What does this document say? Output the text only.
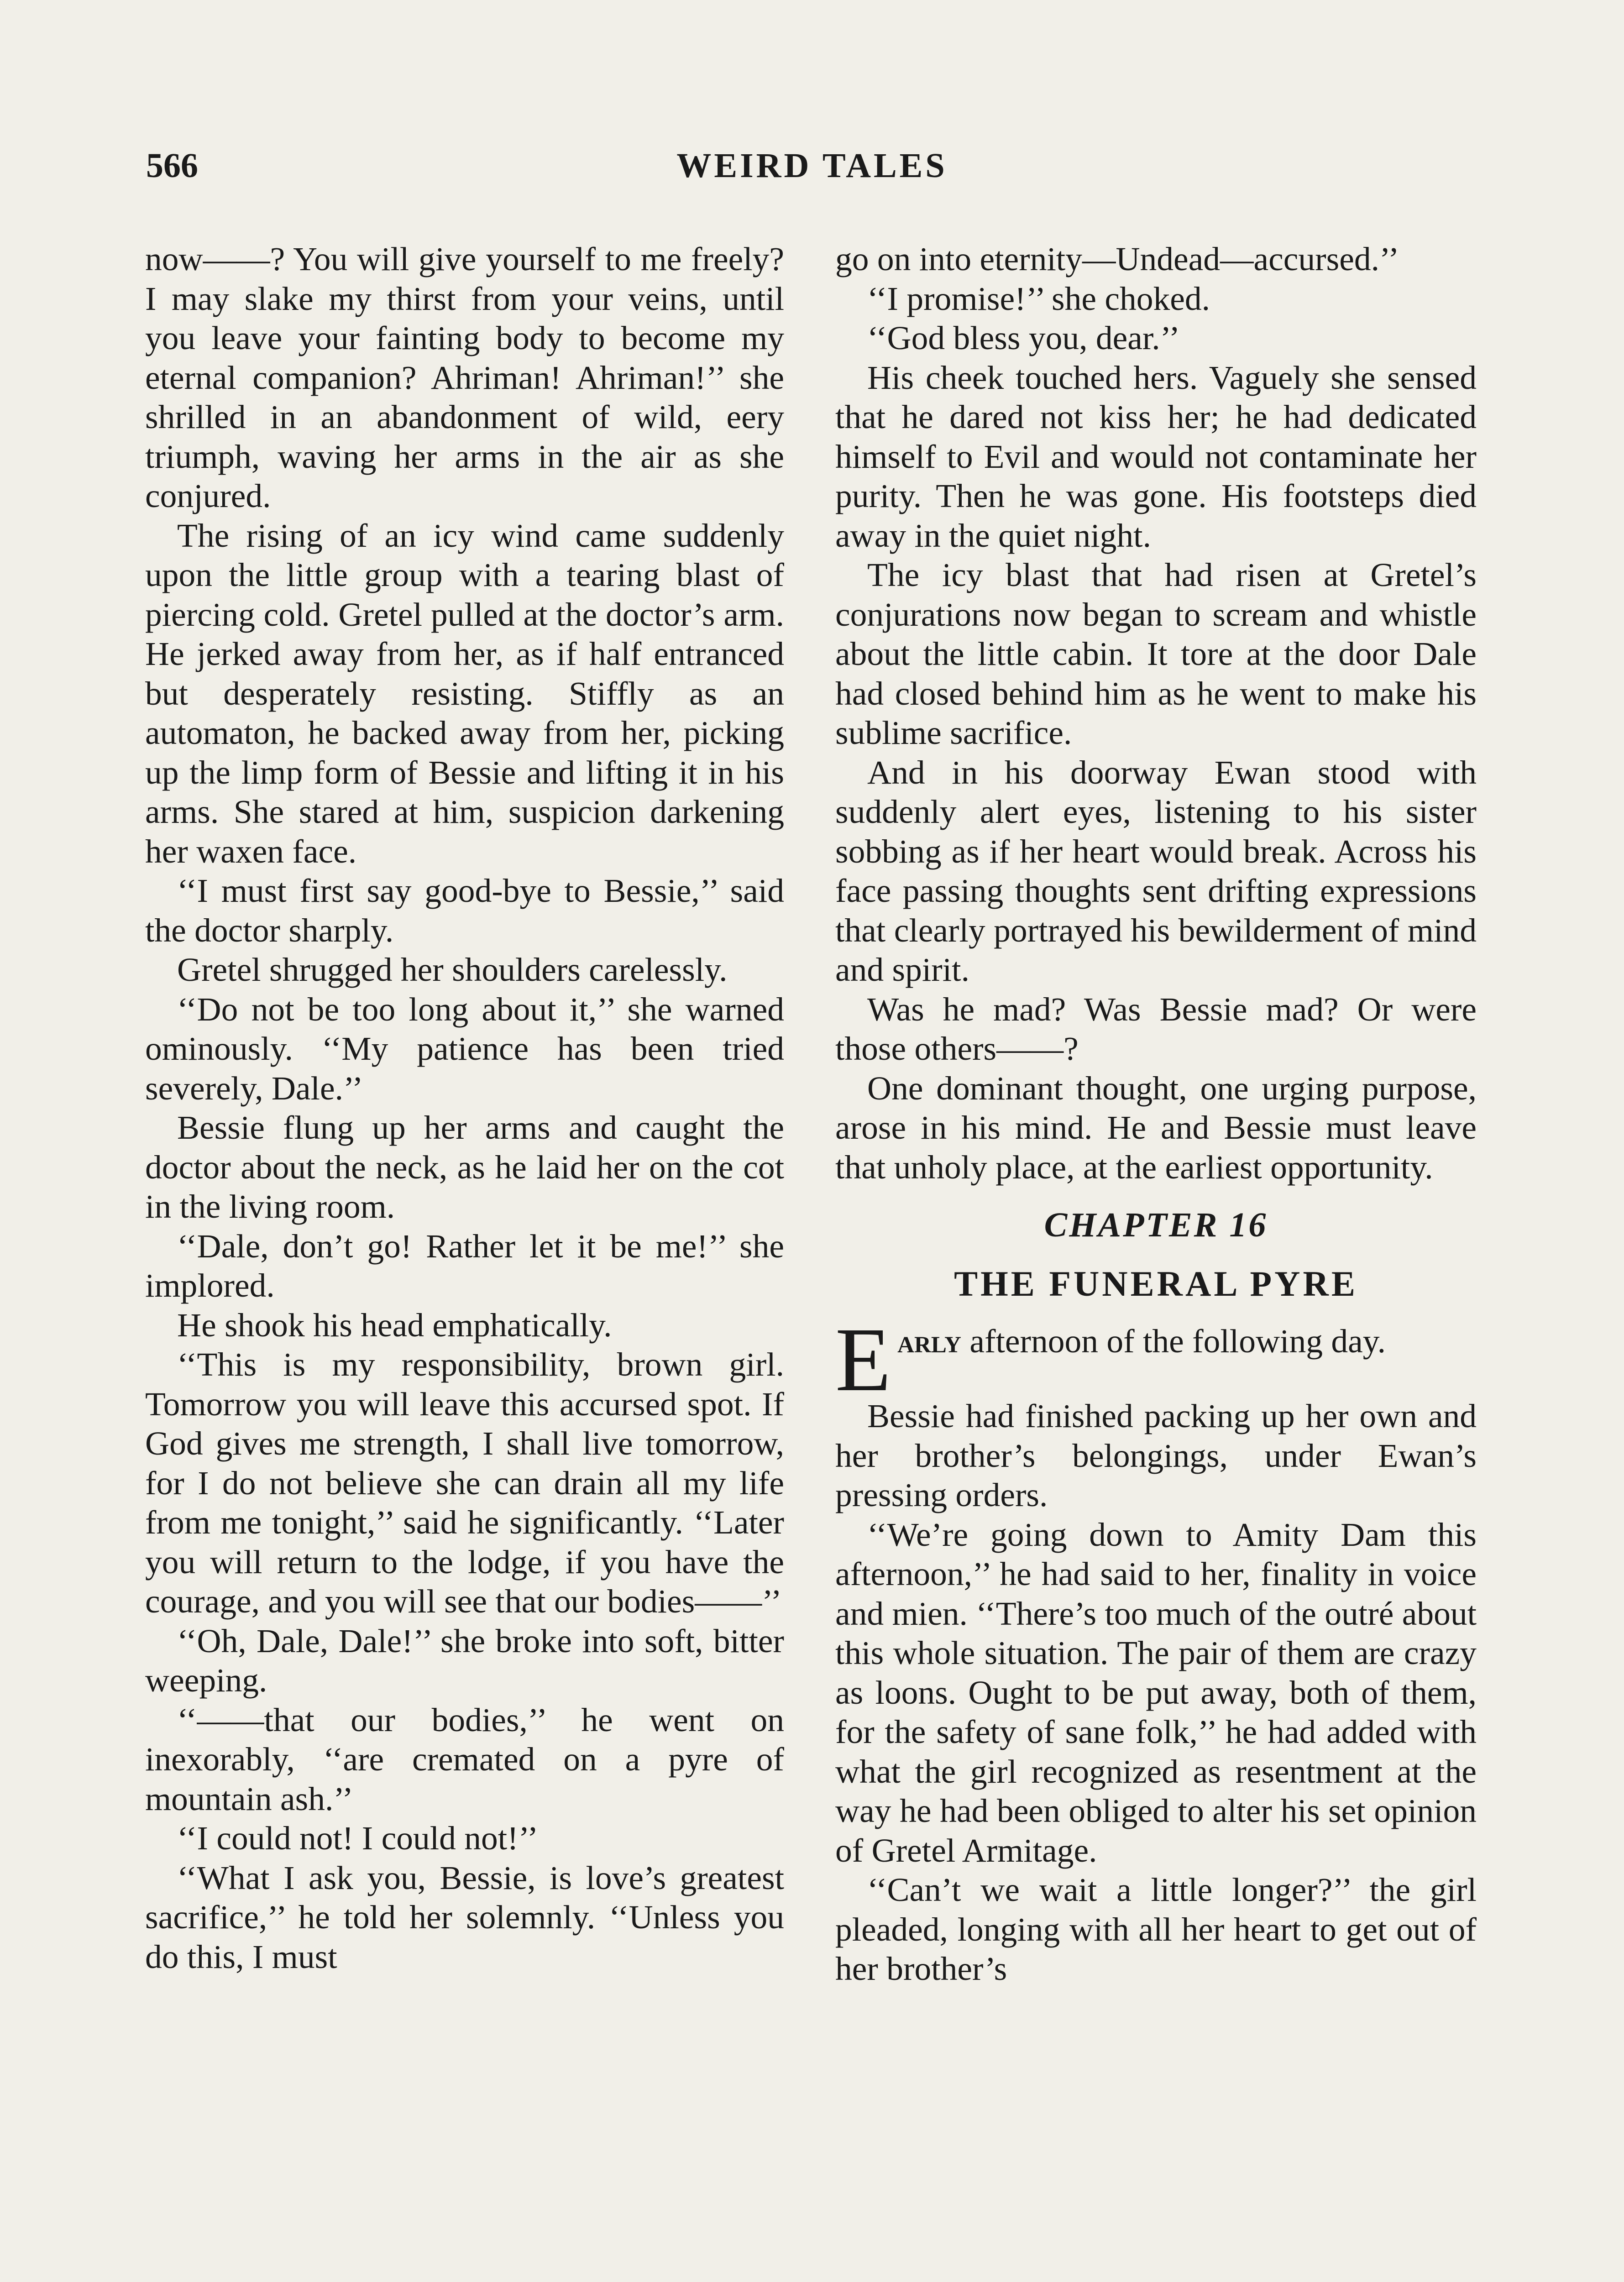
566	WEIRD TALES

now——? You will give yourself to me freely? I may slake my thirst from your veins, until you leave your fainting body to become my eternal companion? Ahriman! Ahriman!’’ she shrilled in an abandonment of wild, eery triumph, waving her arms in the air as she conjured.

The rising of an icy wind came suddenly upon the little group with a tearing blast of piercing cold. Gretel pulled at the doctor’s arm. He jerked away from her, as if half entranced but desperately resisting. Stiffly as an automaton, he backed away from her, picking up the limp form of Bessie and lifting it in his arms. She stared at him, suspicion darkening her waxen face.

‘‘I must first say good-bye to Bessie,’’ said the doctor sharply.

Gretel shrugged her shoulders carelessly.

‘‘Do not be too long about it,’’ she warned ominously. ‘‘My patience has been tried severely, Dale.’’

Bessie flung up her arms and caught the doctor about the neck, as he laid her on the cot in the living room.

‘‘Dale, don’t go! Rather let it be me!’’ she implored.

He shook his head emphatically.

‘‘This is my responsibility, brown girl. Tomorrow you will leave this accursed spot. If God gives me strength, I shall live tomorrow, for I do not believe she can drain all my life from me tonight,’’ said he significantly. ‘‘Later you will return to the lodge, if you have the courage, and you will see that our bodies——’’

‘‘Oh, Dale, Dale!’’ she broke into soft, bitter weeping.

‘‘——that our bodies,’’ he went on inexorably, ‘‘are cremated on a pyre of mountain ash.’’

‘‘I could not! I could not!’’

‘‘What I ask you, Bessie, is love’s greatest sacrifice,’’ he told her solemnly. ‘‘Unless you do this, I must

go on into eternity—Undead—accursed.’’

‘‘I promise!’’ she choked.

‘‘God bless you, dear.’’

His cheek touched hers. Vaguely she sensed that he dared not kiss her; he had dedicated himself to Evil and would not contaminate her purity. Then he was gone. His footsteps died away in the quiet night.

The icy blast that had risen at Gretel’s conjurations now began to scream and whistle about the little cabin. It tore at the door Dale had closed behind him as he went to make his sublime sacrifice.

And in his doorway Ewan stood with suddenly alert eyes, listening to his sister sobbing as if her heart would break. Across his face passing thoughts sent drifting expressions that clearly portrayed his bewilderment of mind and spirit.

Was he mad? Was Bessie mad? Or were those others——?

One dominant thought, one urging purpose, arose in his mind. He and Bessie must leave that unholy place, at the earliest opportunity.

CHAPTER 16
THE FUNERAL PYRE

Early afternoon of the following day.

Bessie had finished packing up her own and her brother’s belongings, under Ewan’s pressing orders.

‘‘We’re going down to Amity Dam this afternoon,’’ he had said to her, finality in voice and mien. ‘‘There’s too much of the outré about this whole situation. The pair of them are crazy as loons. Ought to be put away, both of them, for the safety of sane folk,’’ he had added with what the girl recognized as resentment at the way he had been obliged to alter his set opinion of Gretel Armitage.

‘‘Can’t we wait a little longer?’’ the girl pleaded, longing with all her heart to get out of her brother’s
